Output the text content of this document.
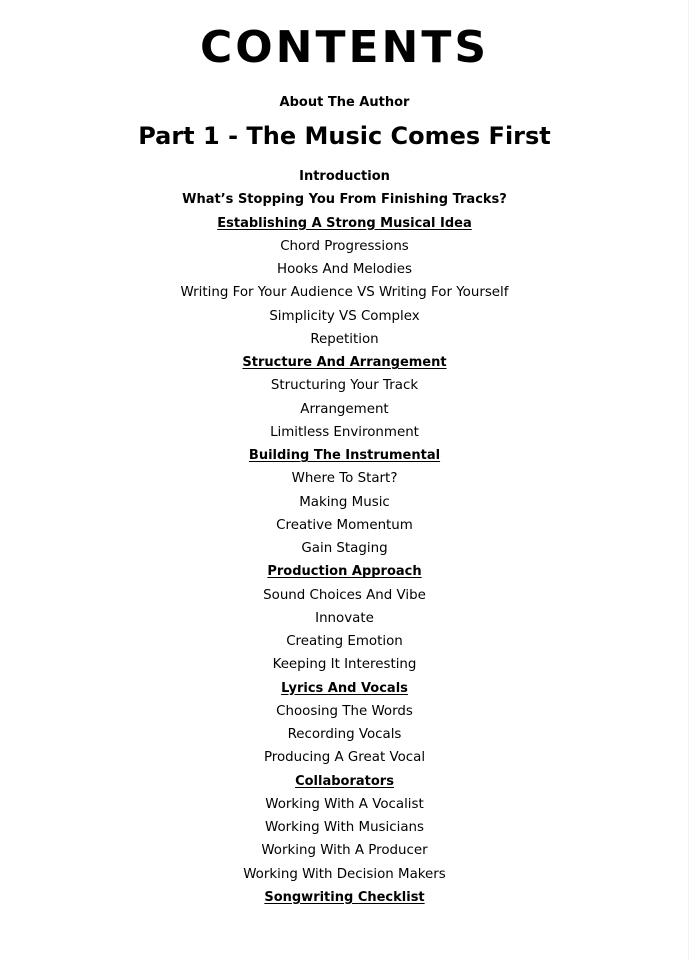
CONTENTS
About The Author
Part 1 - The Music Comes First
Introduction
What’s Stopping You From Finishing Tracks?
Establishing A Strong Musical Idea
Chord Progressions
Hooks And Melodies
Writing For Your Audience VS Writing For Yourself
Simplicity VS Complex
Repetition
Structure And Arrangement
Structuring Your Track
Arrangement
Limitless Environment
Building The Instrumental
Where To Start?
Making Music
Creative Momentum
Gain Staging
Production Approach
Sound Choices And Vibe
Innovate
Creating Emotion
Keeping It Interesting
Lyrics And Vocals
Choosing The Words
Recording Vocals
Producing A Great Vocal
Collaborators
Working With A Vocalist
Working With Musicians
Working With A Producer
Working With Decision Makers
Songwriting Checklist
